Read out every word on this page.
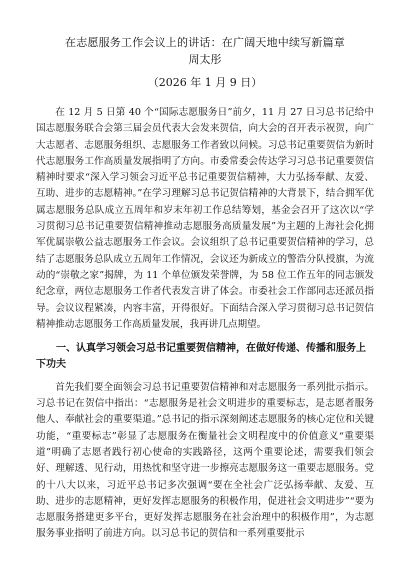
在志愿服务工作会议上的讲话：在广阔天地中续写新篇章

周太彤

（2026 年 1 月 9 日）

在 12 月 5 日第 40 个“国际志愿服务日”前夕，11 月 27 日习总书记给中国志愿服务联合会第三届会员代表大会发来贺信，向大会的召开表示祝贺，向广大志愿者、志愿服务组织、志愿服务工作者致以问候。习总书记重要贺信为新时代志愿服务工作高质量发展指明了方向。市委常委会传达学习习总书记重要贺信精神时要求“深入学习领会习近平总书记重要贺信精神，大力弘扬奉献、友爱、互助、进步的志愿精神。”在学习理解习总书记贺信精神的大背景下，结合拥军优属志愿服务总队成立五周年和岁末年初工作总结筹划，基金会召开了这次以“学习贯彻习总书记重要贺信精神推动志愿服务高质量发展”为主题的上海社会化拥军优属崇敬公益志愿服务工作会议。会议组织了总书记重要贺信精神的学习，总结了志愿服务总队成立五周年工作情况，会议还为新成立的警浩分队授旗，为流动的“崇敬之家”揭牌，为 11 个单位颁发荣誉牌，为 58 位工作五年的同志颁发纪念章，两位志愿服务工作者代表发言讲了体会。市委社会工作部同志还派员指导。会议议程紧凑，内容丰富，开得很好。下面结合深入学习贯彻习总书记贺信精神推动志愿服务工作高质量发展，我再讲几点期望。

一、认真学习领会习总书记重要贺信精神，在做好传递、传播和服务上下功夫

首先我们要全面领会习总书记重要贺信精神和对志愿服务一系列批示指示。习总书记在贺信中指出：“志愿服务是社会文明进步的重要标志，是志愿者服务他人、奉献社会的重要渠道。”总书记的指示深刻阐述志愿服务的核心定位和关键功能，“重要标志”彰显了志愿服务在衡量社会文明程度中的价值意义“重要渠道”明确了志愿者践行初心使命的实践路径，这两个重要论述，需要我们领会好、理解透、见行动，用热忱和坚守进一步擦亮志愿服务这一重要志愿服务。党的十八大以来，习近平总书记多次强调“要在全社会广泛弘扬奉献、友爱、互助、进步的志愿精神，更好发挥志愿服务的积极作用，促进社会文明进步”“要为志愿服务搭建更多平台，更好发挥志愿服务在社会治理中的积极作用”，为志愿服务事业指明了前进方向。以习总书记的贺信和一系列重要批示
